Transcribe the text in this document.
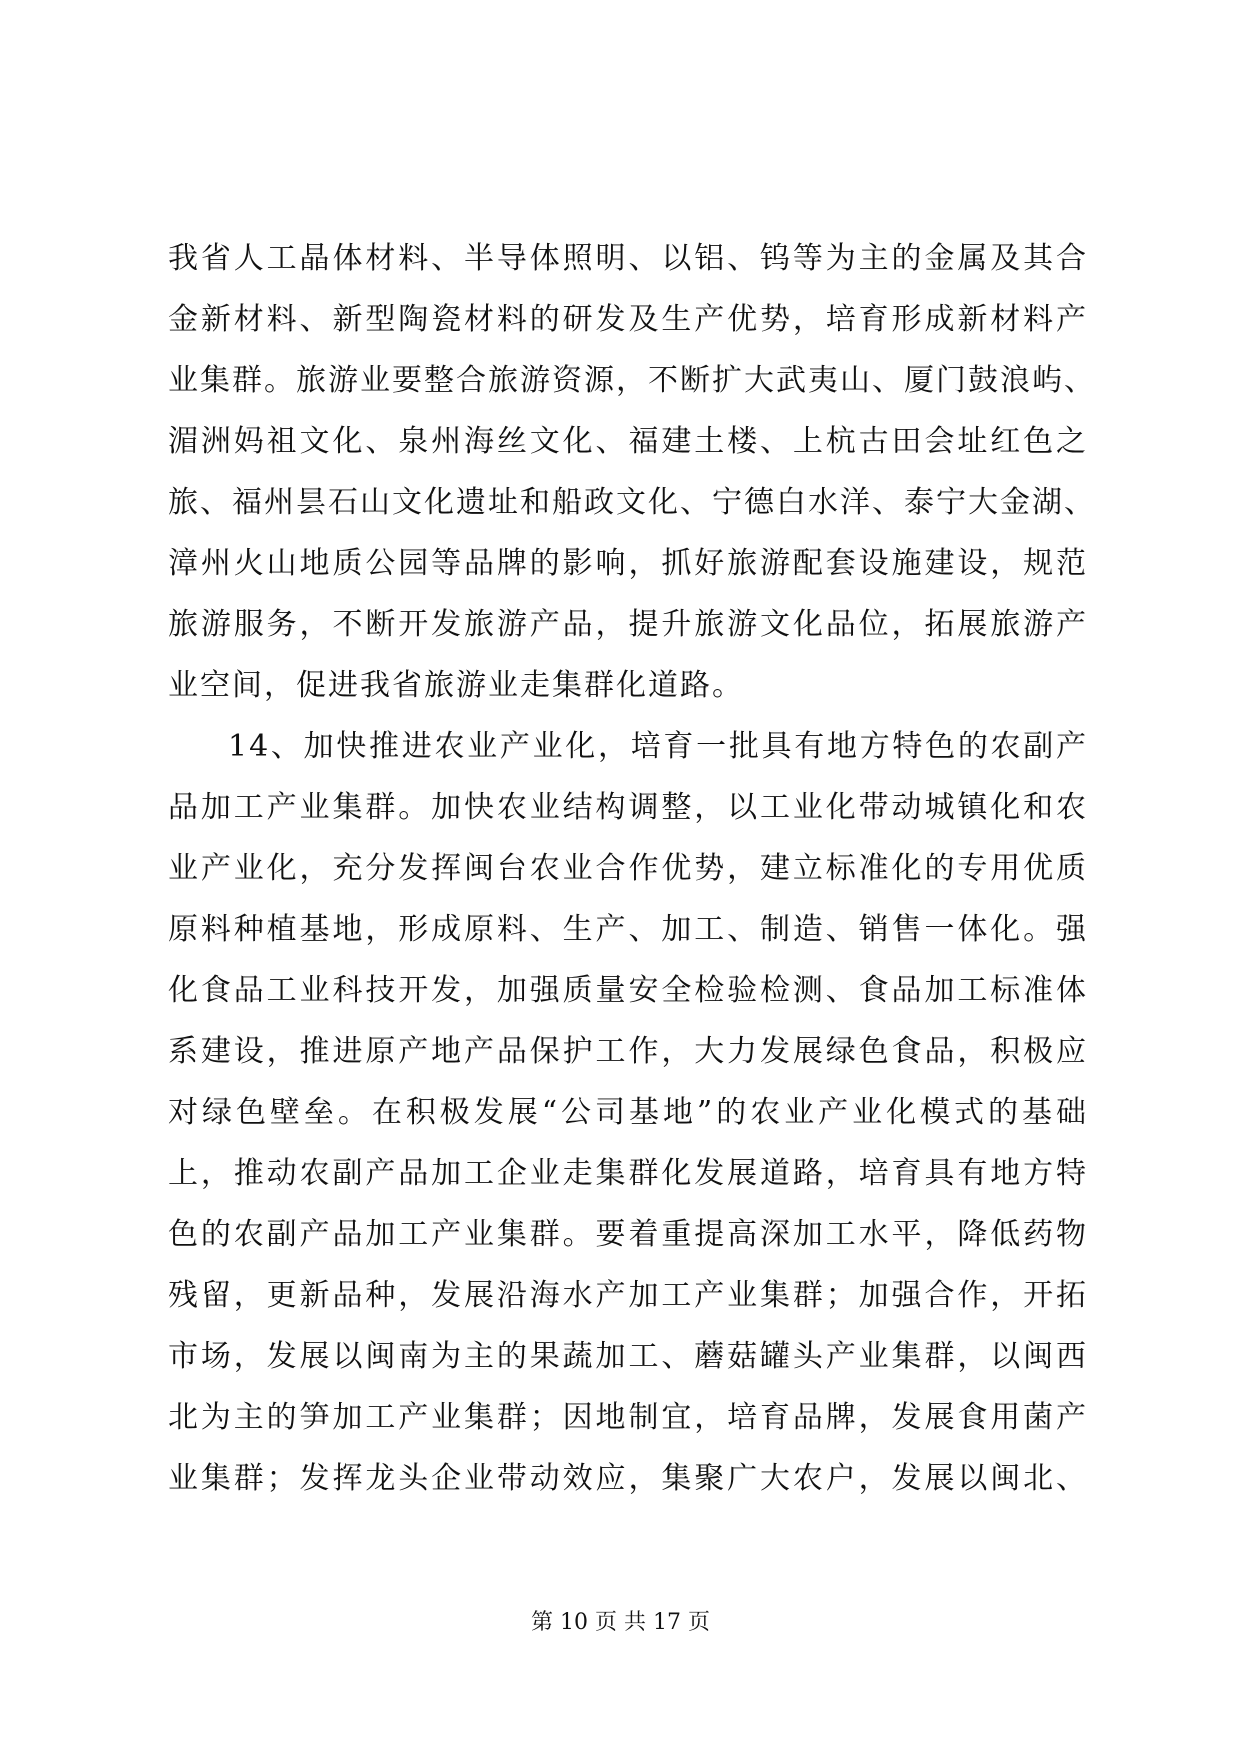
我省人工晶体材料、半导体照明、以铝、钨等为主的金属及其合
金新材料、新型陶瓷材料的研发及生产优势，培育形成新材料产
业集群。旅游业要整合旅游资源，不断扩大武夷山、厦门鼓浪屿、
湄洲妈祖文化、泉州海丝文化、福建土楼、上杭古田会址红色之
旅、福州昙石山文化遗址和船政文化、宁德白水洋、泰宁大金湖、
漳州火山地质公园等品牌的影响，抓好旅游配套设施建设，规范
旅游服务，不断开发旅游产品，提升旅游文化品位，拓展旅游产
业空间，促进我省旅游业走集群化道路。
14、加快推进农业产业化，培育一批具有地方特色的农副产
品加工产业集群。加快农业结构调整，以工业化带动城镇化和农
业产业化，充分发挥闽台农业合作优势，建立标准化的专用优质
原料种植基地，形成原料、生产、加工、制造、销售一体化。强
化食品工业科技开发，加强质量安全检验检测、食品加工标准体
系建设，推进原产地产品保护工作，大力发展绿色食品，积极应
对绿色壁垒。在积极发展“公司基地”的农业产业化模式的基础
上，推动农副产品加工企业走集群化发展道路，培育具有地方特
色的农副产品加工产业集群。要着重提高深加工水平，降低药物
残留，更新品种，发展沿海水产加工产业集群；加强合作，开拓
市场，发展以闽南为主的果蔬加工、蘑菇罐头产业集群，以闽西
北为主的笋加工产业集群；因地制宜，培育品牌，发展食用菌产
业集群；发挥龙头企业带动效应，集聚广大农户，发展以闽北、
第 10 页 共 17 页
